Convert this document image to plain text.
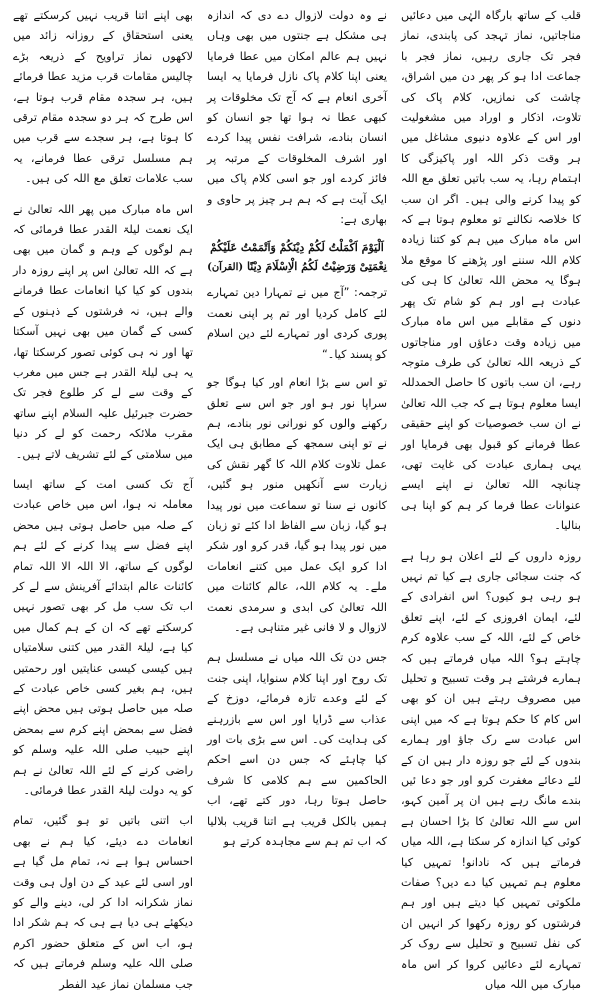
قلب کے ساتھ بارگاہ الہٰی میں دعائیں مناجاتیں، نماز تہجد کی پابندی، نماز فجر تک جاری رہیں، نماز فجر با جماعت ادا ہو کر پھر دن میں اشراق، چاشت کی نمازیں، کلام پاک کی تلاوت، اذکار و اوراد میں مشغولیت اور اس کے علاوہ دنیوی مشاغل میں ہر وقت ذکر اللہ اور پاکیزگی کا اہتمام رہا، یہ سب باتیں تعلق مع اللہ کو پیدا کرنے والی ہیں۔ اگر ان سب کا خلاصہ نکالنے تو معلوم ہوتا ہے کہ اس ماہ مبارک میں ہم کو کتنا زیادہ کلام اللہ سننے اور پڑھنے کا موقع ملا ہوگا یہ محض اللہ تعالیٰ کا ہی کی عبادت ہے اور ہم کو شام تک پھر دنوں کے مقابلے میں اس ماہ مبارک میں زیادہ وقت دعاؤں اور مناجاتوں کے ذریعہ اللہ تعالیٰ کی طرف متوجہ رہے، ان سب باتوں کا حاصل الحمدللہ ایسا معلوم ہوتا ہے کہ جب اللہ تعالیٰ نے ان سب خصوصیات کو اپنے حقیقی عطا فرمانے کو قبول بھی فرمایا اور یہی ہماری عبادت کی غایت تھی، چنانچہ اللہ تعالیٰ نے اپنے ایسے عنوانات عطا فرما کر ہم کو اپنا ہی بنالیا۔

روزہ داروں کے لئے اعلان ہو رہا ہے کہ جنت سجائی جاری ہے کیا تم نہیں ہو رہی ہو کیوں؟ اس انفرادی کے لئے، ایمان افروزی کے لئے، اپنے تعلق خاص کے لئے، اللہ کے سب علاوہ کرم چاہتے ہو؟ اللہ میاں فرماتے ہیں کہ ہمارے فرشتے ہر وقت تسبیح و تحلیل میں مصروف رہتے ہیں ان کو بھی اس کام کا حکم ہوتا ہے کہ میں اپنی اس عبادت سے رک جاؤ اور ہمارے بندوں کے لئے جو روزہ دار ہیں ان کے لئے دعائے مغفرت کرو اور جو دعا ئیں بندے مانگ رہے ہیں ان پر آمین کہو، اس سے اللہ تعالیٰ کا بڑا احسان ہے کوئی کیا اندازہ کر سکتا ہے، اللہ میاں فرماتے ہیں کہ نادانو! تمہیں کیا معلوم ہم تمہیں کیا دے دیں؟ صفات ملکوتی تمہیں کیا دیتے ہیں اور ہم فرشتوں کو روزہ رکھوا کر انہیں ان کی نفل تسبیح و تحلیل سے روک کر تمہارے لئے دعائیں کروا کر اس ماہ مبارک میں اللہ میاں

نے وہ دولت لازوال دے دی کہ اندازہ ہی مشکل ہے جنتوں میں بھی وہاں نہیں ہم عالم امکان میں عطا فرمایا یعنی اپنا کلام پاک نازل فرمایا یہ ایسا آخری انعام ہے کہ آج تک مخلوقات پر کبھی عطا نہ ہوا تھا جو انسان کو انسان بنادے، شرافت نفس پیدا کردے اور اشرف المخلوقات کے مرتبہ پر فائز کردے اور جو اسی کلام پاک میں ایک آیت ہے کہ ہم ہر چیز پر حاوی و بھاری ہے:

اَلْیَوْمَ اَکْمَلْتُ لَکُمْ دِیْنَکُمْ وَاَتْمَمْتُ عَلَیْکُمْ نِعْمَتِیْ وَرَضِیْتُ لَکُمُ الْاِسْلَامَ دِیْنًا (القرآن)

ترجمہ: ”آج میں نے تمہارا دین تمہارے لئے کامل کردیا اور تم پر اپنی نعمت پوری کردی اور تمہارے لئے دین اسلام کو پسند کیا۔“

تو اس سے بڑا انعام اور کیا ہوگا جو سراپا نور ہو اور جو اس سے تعلق رکھنے والوں کو نورانی نور بنادے، ہم نے تو اپنی سمجھ کے مطابق ہی ایک عمل تلاوت کلام اللہ کا گھر نقش کی زیارت سے آنکھیں منور ہو گئیں، کانوں نے سنا تو سماعت میں نور پیدا ہو گیا، زبان سے الفاظ ادا کئے تو زبان میں نور پیدا ہو گیا، قدر کرو اور شکر ادا کرو ایک عمل میں کتنے انعامات ملے۔ یہ کلام اللہ، عالم کائنات میں اللہ تعالیٰ کی ابدی و سرمدی نعمت لازوال و لا فانی غیر متناہی ہے۔

جس دن تک اللہ میاں نے مسلسل ہم تک روح اور اپنا کلام سنوایا، اپنی جنت کے لئے وعدے تازہ فرمائے، دوزخ کے عذاب سے ڈرایا اور اس سے بازرہنے کی ہدایت کی۔ اس سے بڑی بات اور کیا چاہئے کہ جس دن اسے احکم الحاکمین سے ہم کلامی کا شرف حاصل ہوتا رہا، دور کتے تھے، اب ہمیں بالکل قریب ہے اتنا قریب بلالیا کہ اب تم ہم سے مجاہدہ کرتے ہو

بھی اپنے اتنا قریب نہیں کرسکتے تھے یعنی استحقاق کے روزانہ زائد میں لاکھوں نماز تراویح کے ذریعہ بڑے چالیس مقامات قرب مزید عطا فرمائے ہیں، ہر سجدہ مقام قرب ہوتا ہے، اس طرح کہ ہر دو سجدہ مقام ترقی کا ہوتا ہے، ہر سجدے سے قرب میں ہم مسلسل ترقی عطا فرمانے، یہ سب علامات تعلق مع اللہ کی ہیں۔

اس ماہ مبارک میں پھر اللہ تعالیٰ نے ایک نعمت لیلۃ القدر عطا فرمائی کہ ہم لوگوں کے وہم و گمان میں بھی ہے کہ اللہ تعالیٰ اس پر اپنے روزہ دار بندوں کو کیا کیا انعامات عطا فرمانے والے ہیں، نہ فرشتوں کے ذہنوں کے کسی کے گمان میں بھی نہیں آسکتا تھا اور نہ ہی کوئی تصور کرسکتا تھا، یہ ہی لیلۃ القدر ہے جس میں مغرب کے وقت سے لے کر طلوع فجر تک حضرت جبرئیل علیہ السلام اپنے ساتھ مقرب ملائکہ رحمت کو لے کر دنیا میں سلامتی کے لئے تشریف لاتے ہیں۔

آج تک کسی امت کے ساتھ ایسا معاملہ نہ ہوا، اس میں خاص عبادت کے صلہ میں حاصل ہوتی ہیں محض اپنے فضل سے پیدا کرنے کے لئے ہم لوگوں کے ساتھ، الا اللہ الا اللہ تمام کائنات عالم ابتدائے آفرینش سے لے کر اب تک سب مل کر بھی تصور نہیں کرسکتے تھے کہ ان کے ہم کمال میں کیا ہے، لیلۃ القدر میں کتنی سلامتیاں ہیں کیسی کیسی عنایتیں اور رحمتیں ہیں، ہم بغیر کسی خاص عبادت کے صلہ میں حاصل ہوتی ہیں محض اپنے فضل سے بمحض اپنے کرم سے بمحض اپنے حبیب صلی اللہ علیہ وسلم کو راضی کرنے کے لئے اللہ تعالیٰ نے ہم کو یہ دولت لیلۃ القدر عطا فرمائی۔

اب اتنی باتیں تو ہو گئیں، تمام انعامات دے دیئے، کیا ہم نے بھی احساس ہوا ہے نہ، تمام مل گیا ہے اور اسی لئے عید کے دن اول ہی وقت نماز شکرانہ ادا کر لی، دینے والے کو دیکھئے ہی دیا ہے ہی کہ ہم شکر ادا ہو، اب اس کے متعلق حضور اکرم صلی اللہ علیہ وسلم فرماتے ہیں کہ جب مسلمان نماز عید الفطر
